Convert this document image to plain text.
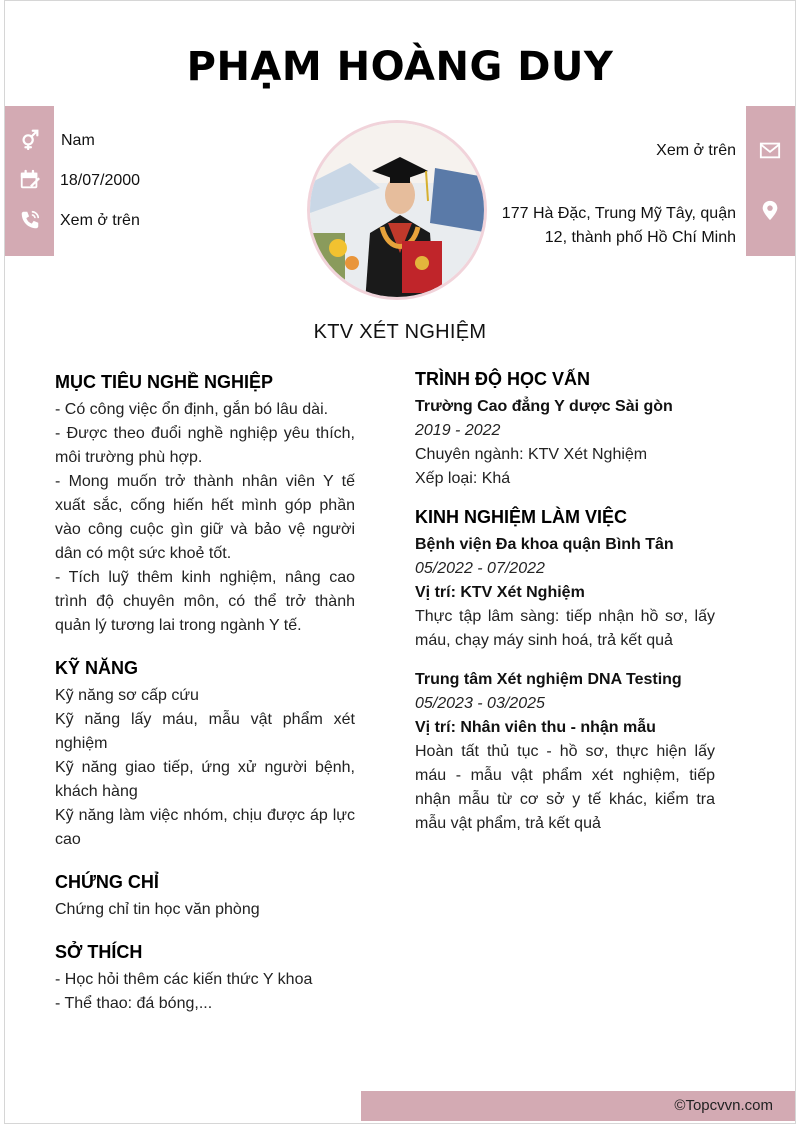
PHẠM HOÀNG DUY
Nam
18/07/2000
Xem ở trên
Xem ở trên
177 Hà Đặc, Trung Mỹ Tây, quận
12, thành phố Hồ Chí Minh
KTV XÉT NGHIỆM
MỤC TIÊU NGHỀ NGHIỆP
- Có công việc ổn định, gắn bó lâu dài.
- Được theo đuổi nghề nghiệp yêu thích, môi trường phù hợp.
- Mong muốn trở thành nhân viên Y tế xuất sắc, cống hiến hết mình góp phần vào công cuộc gìn giữ và bảo vệ người dân có một sức khoẻ tốt.
- Tích luỹ thêm kinh nghiệm, nâng cao trình độ chuyên môn, có thể trở thành quản lý tương lai trong ngành Y tế.
KỸ NĂNG
Kỹ năng sơ cấp cứu
Kỹ năng lấy máu, mẫu vật phẩm xét nghiệm
Kỹ năng giao tiếp, ứng xử người bệnh, khách hàng
Kỹ năng làm việc nhóm, chịu được áp lực cao
CHỨNG CHỈ
Chứng chỉ tin học văn phòng
SỞ THÍCH
- Học hỏi thêm các kiến thức Y khoa
- Thể thao: đá bóng,...
TRÌNH ĐỘ HỌC VẤN
Trường Cao đẳng Y dược Sài gòn
2019 - 2022
Chuyên ngành: KTV Xét Nghiệm
Xếp loại: Khá
KINH NGHIỆM LÀM VIỆC
Bệnh viện Đa khoa quận Bình Tân
05/2022 - 07/2022
Vị trí: KTV Xét Nghiệm
Thực tập lâm sàng: tiếp nhận hồ sơ, lấy máu, chạy máy sinh hoá, trả kết quả
Trung tâm Xét nghiệm DNA Testing
05/2023 - 03/2025
Vị trí: Nhân viên thu - nhận mẫu
Hoàn tất thủ tục - hồ sơ, thực hiện lấy máu - mẫu vật phẩm xét nghiệm, tiếp nhận mẫu từ cơ sở y tế khác, kiểm tra mẫu vật phẩm, trả kết quả
©Topcvvn.com
